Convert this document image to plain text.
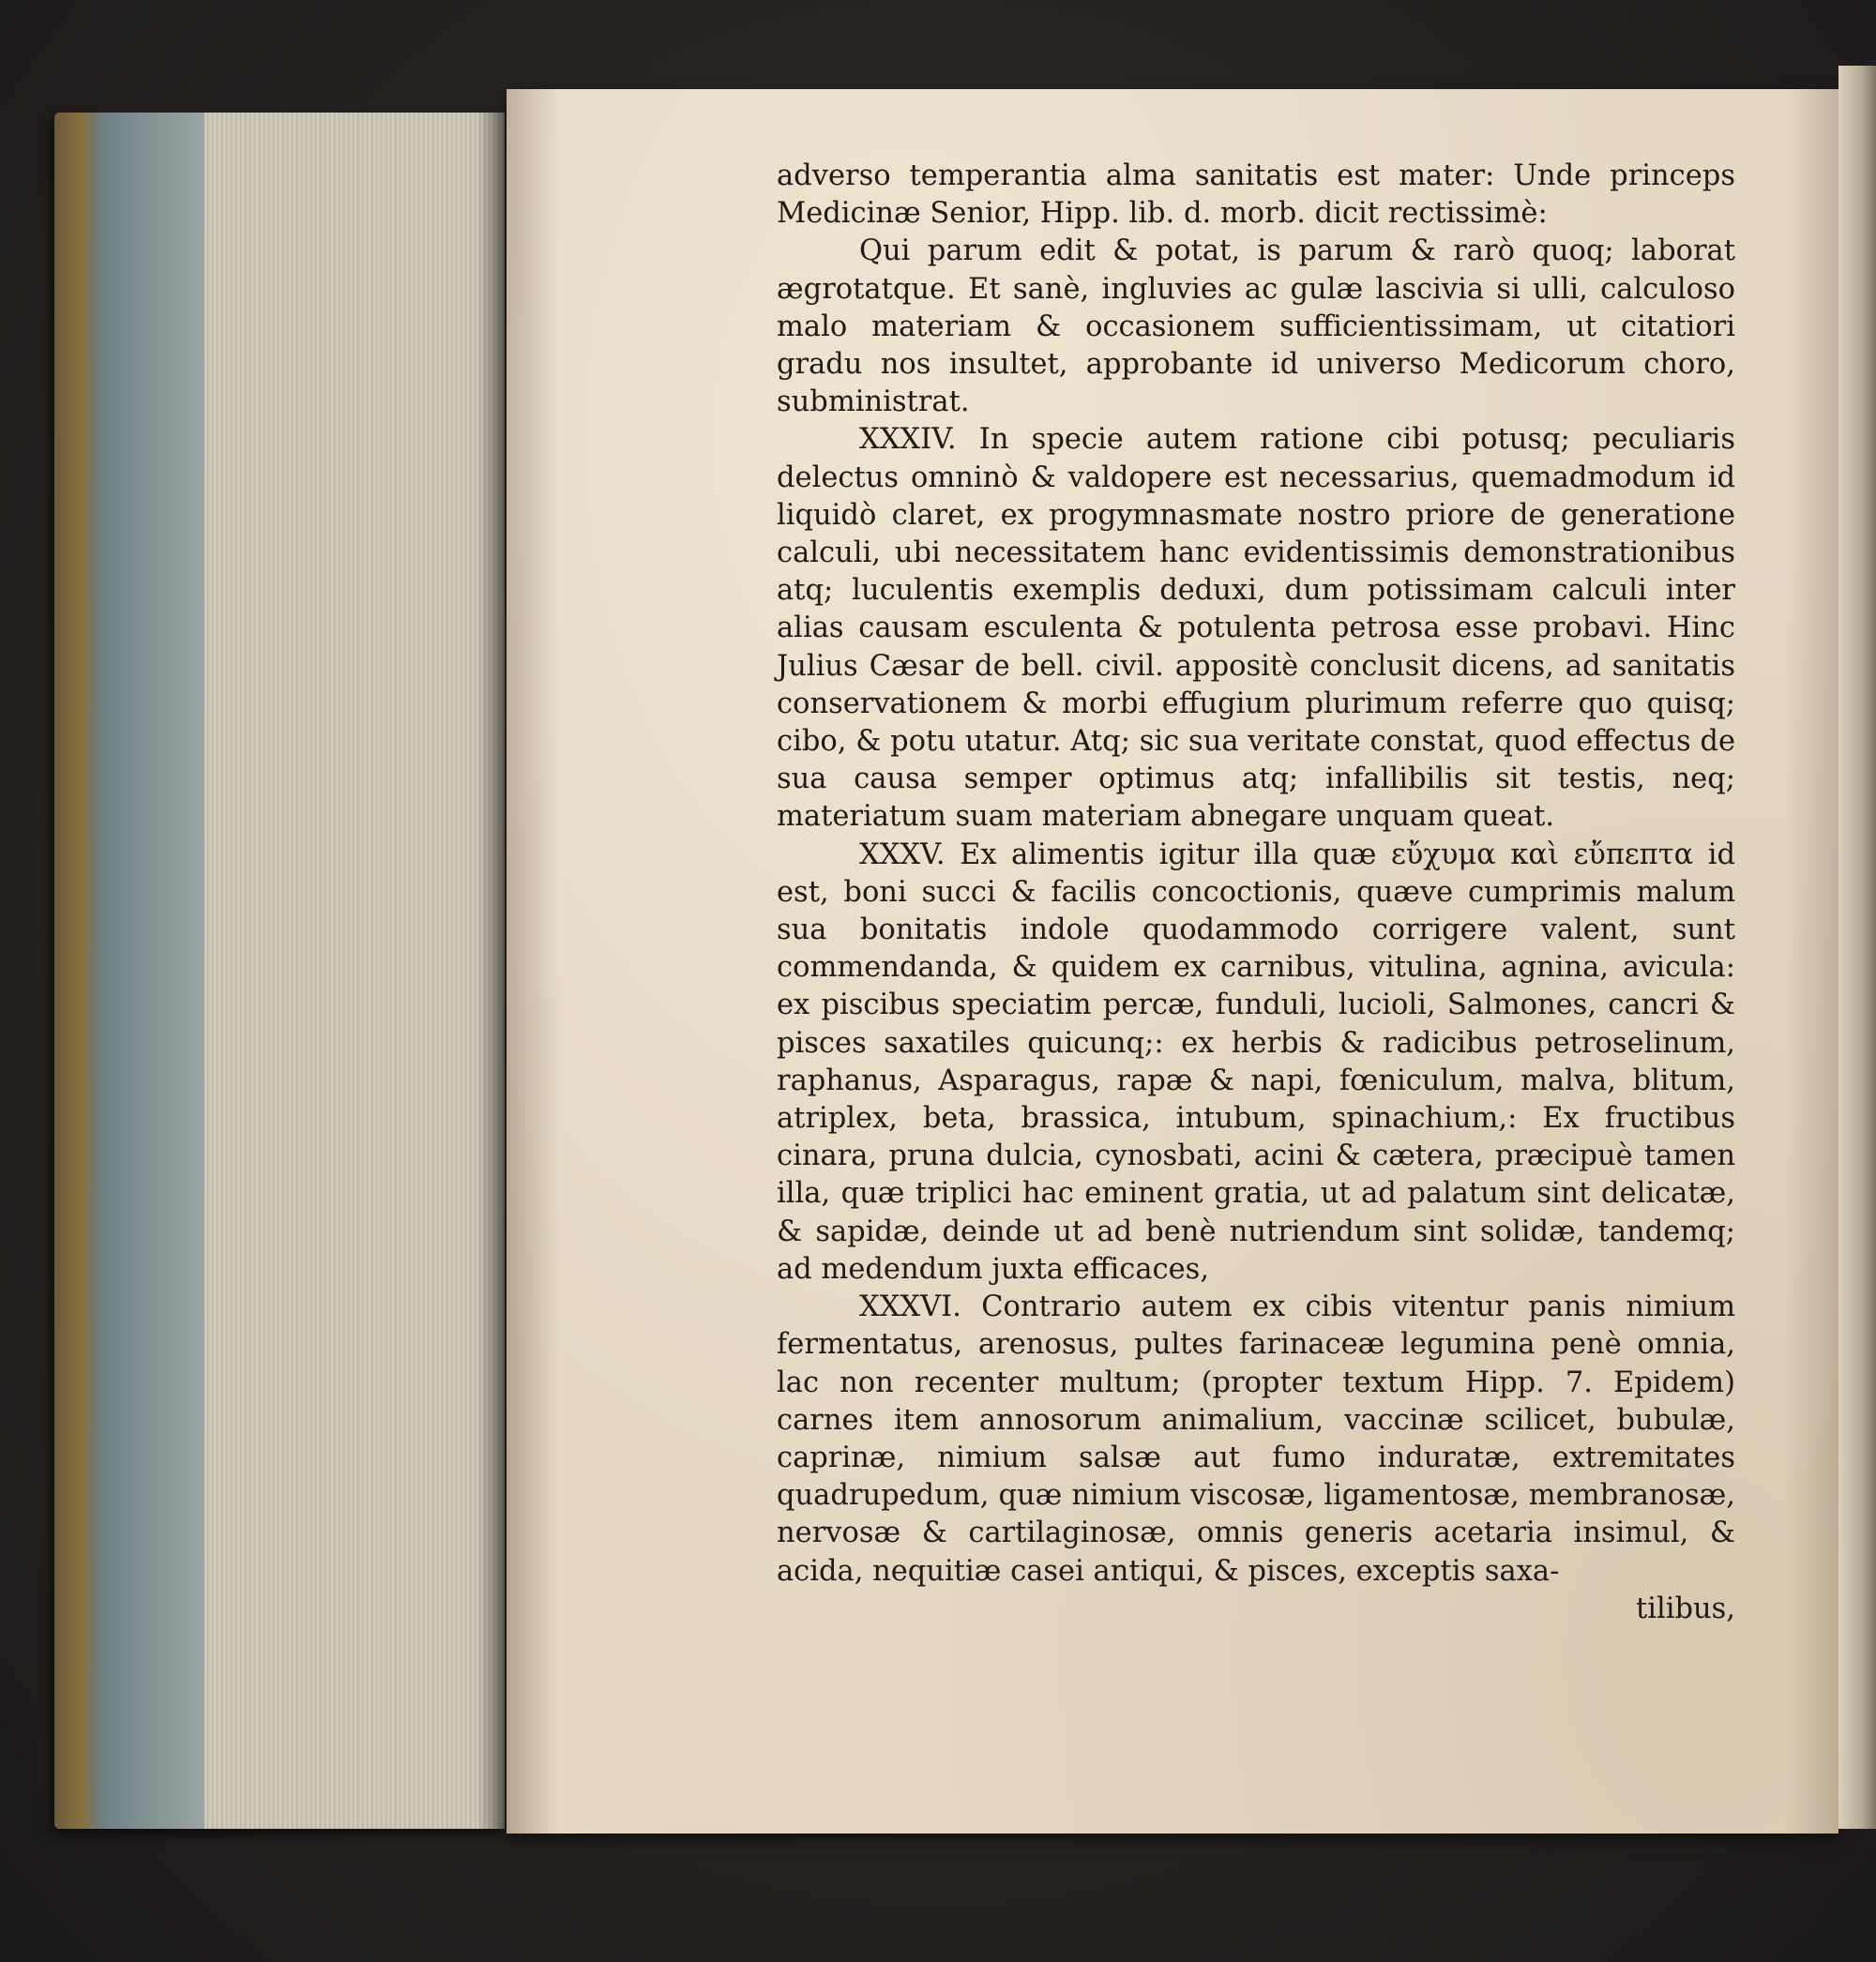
adverso temperantia alma sanitatis est mater: Unde princeps Medicinæ Senior, Hipp. lib. d. morb. dicit rectissimè:

Qui parum edit & potat, is parum & rarò quoq; laborat ægrotatque. Et sanè, ingluvies ac gulæ lascivia si ulli, calculoso malo materiam & occasionem sufficientissimam, ut citatiori gradu nos insultet, approbante id universo Medicorum choro, subministrat.

XXXIV. In specie autem ratione cibi potusq; peculiaris delectus omninò & valdopere est necessarius, quemadmodum id liquidò claret, ex progymnasmate nostro priore de generatione calculi, ubi necessitatem hanc evidentissimis demonstrationibus atq; luculentis exemplis deduxi, dum potissimam calculi inter alias causam esculenta & potulenta petrosa esse probavi. Hinc Julius Cæsar de bell. civil. appositè conclusit dicens, ad sanitatis conservationem & morbi effugium plurimum referre quo quisq; cibo, & potu utatur. Atq; sic sua veritate constat, quod effectus de sua causa semper optimus atq; infallibilis sit testis, neq; materiatum suam materiam abnegare unquam queat.

XXXV. Ex alimentis igitur illa quæ εὔχυμα καὶ εὔπεπτα id est, boni succi & facilis concoctionis, quæve cumprimis malum sua bonitatis indole quodammodo corrigere valent, sunt commendanda, & quidem ex carnibus, vitulina, agnina, avicula: ex piscibus speciatim percæ, funduli, lucioli, Salmones, cancri & pisces saxatiles quicunq;: ex herbis & radicibus petroselinum, raphanus, Asparagus, rapæ & napi, fœniculum, malva, blitum, atriplex, beta, brassica, intubum, spinachium,: Ex fructibus cinara, pruna dulcia, cynosbati, acini & cætera, præcipuè tamen illa, quæ triplici hac eminent gratia, ut ad palatum sint delicatæ, & sapidæ, deinde ut ad benè nutriendum sint solidæ, tandemq; ad medendum juxta efficaces,

XXXVI. Contrario autem ex cibis vitentur panis nimium fermentatus, arenosus, pultes farinaceæ legumina penè omnia, lac non recenter multum; (propter textum Hipp. 7. Epidem) carnes item annosorum animalium, vaccinæ scilicet, bubulæ, caprinæ, nimium salsæ aut fumo induratæ, extremitates quadrupedum, quæ nimium viscosæ, ligamentosæ, membranosæ, nervosæ & cartilaginosæ, omnis generis acetaria insimul, & acida, nequitiæ casei antiqui, & pisces, exceptis saxa-

tilibus,
